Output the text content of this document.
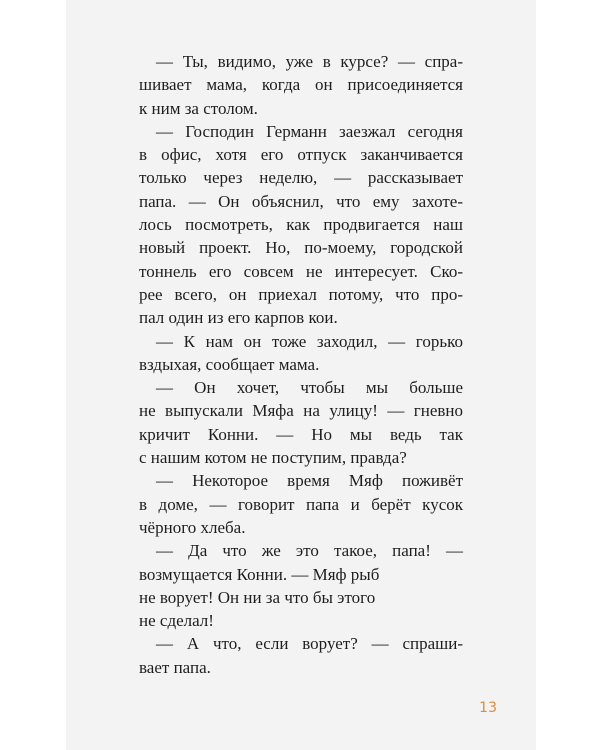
— Ты, видимо, уже в курсе? — спра-
шивает мама, когда он присоединяется
к ним за столом.
— Господин Германн заезжал сегодня
в офис, хотя его отпуск заканчивается
только через неделю, — рассказывает
папа. — Он объяснил, что ему захоте-
лось посмотреть, как продвигается наш
новый проект. Но, по-моему, городской
тоннель его совсем не интересует. Ско-
рее всего, он приехал потому, что про-
пал один из его карпов кои.
— К нам он тоже заходил, — горько
вздыхая, сообщает мама.
— Он хочет, чтобы мы больше
не выпускали Мяфа на улицу! — гневно
кричит Конни. — Но мы ведь так
с нашим котом не поступим, правда?
— Некоторое время Мяф поживёт
в доме, — говорит папа и берёт кусок
чёрного хлеба.
— Да что же это такое, папа! —
возмущается Конни. — Мяф рыб
не ворует! Он ни за что бы этого
не сделал!
— А что, если ворует? — спраши-
вает папа.
13
